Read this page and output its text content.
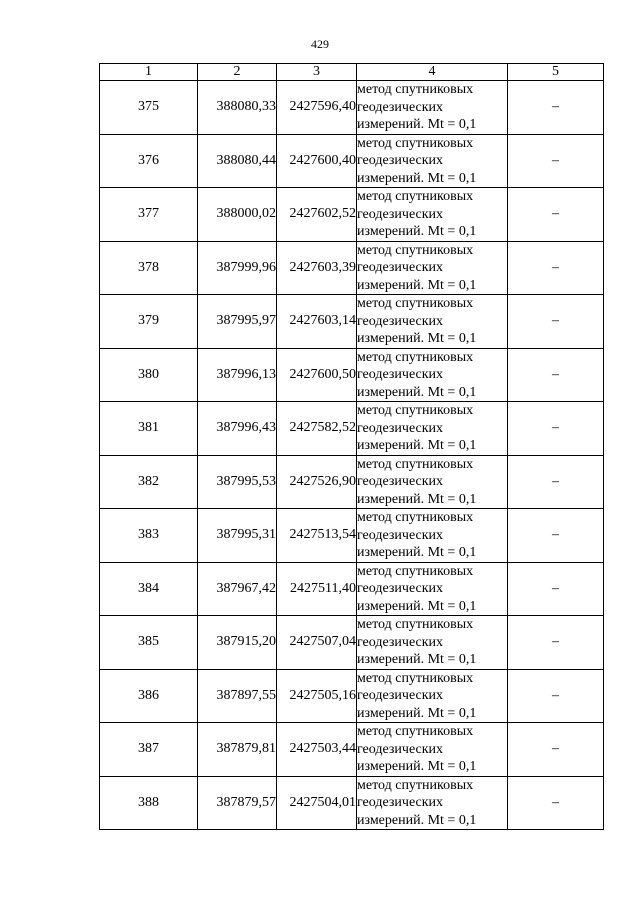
429
1	2	3	4	5
375	388080,33	2427596,40	метод спутниковых
геодезических
измерений. Mt = 0,1	–
376	388080,44	2427600,40	метод спутниковых
геодезических
измерений. Mt = 0,1	–
377	388000,02	2427602,52	метод спутниковых
геодезических
измерений. Mt = 0,1	–
378	387999,96	2427603,39	метод спутниковых
геодезических
измерений. Mt = 0,1	–
379	387995,97	2427603,14	метод спутниковых
геодезических
измерений. Mt = 0,1	–
380	387996,13	2427600,50	метод спутниковых
геодезических
измерений. Mt = 0,1	–
381	387996,43	2427582,52	метод спутниковых
геодезических
измерений. Mt = 0,1	–
382	387995,53	2427526,90	метод спутниковых
геодезических
измерений. Mt = 0,1	–
383	387995,31	2427513,54	метод спутниковых
геодезических
измерений. Mt = 0,1	–
384	387967,42	2427511,40	метод спутниковых
геодезических
измерений. Mt = 0,1	–
385	387915,20	2427507,04	метод спутниковых
геодезических
измерений. Mt = 0,1	–
386	387897,55	2427505,16	метод спутниковых
геодезических
измерений. Mt = 0,1	–
387	387879,81	2427503,44	метод спутниковых
геодезических
измерений. Mt = 0,1	–
388	387879,57	2427504,01	метод спутниковых
геодезических
измерений. Mt = 0,1	–
